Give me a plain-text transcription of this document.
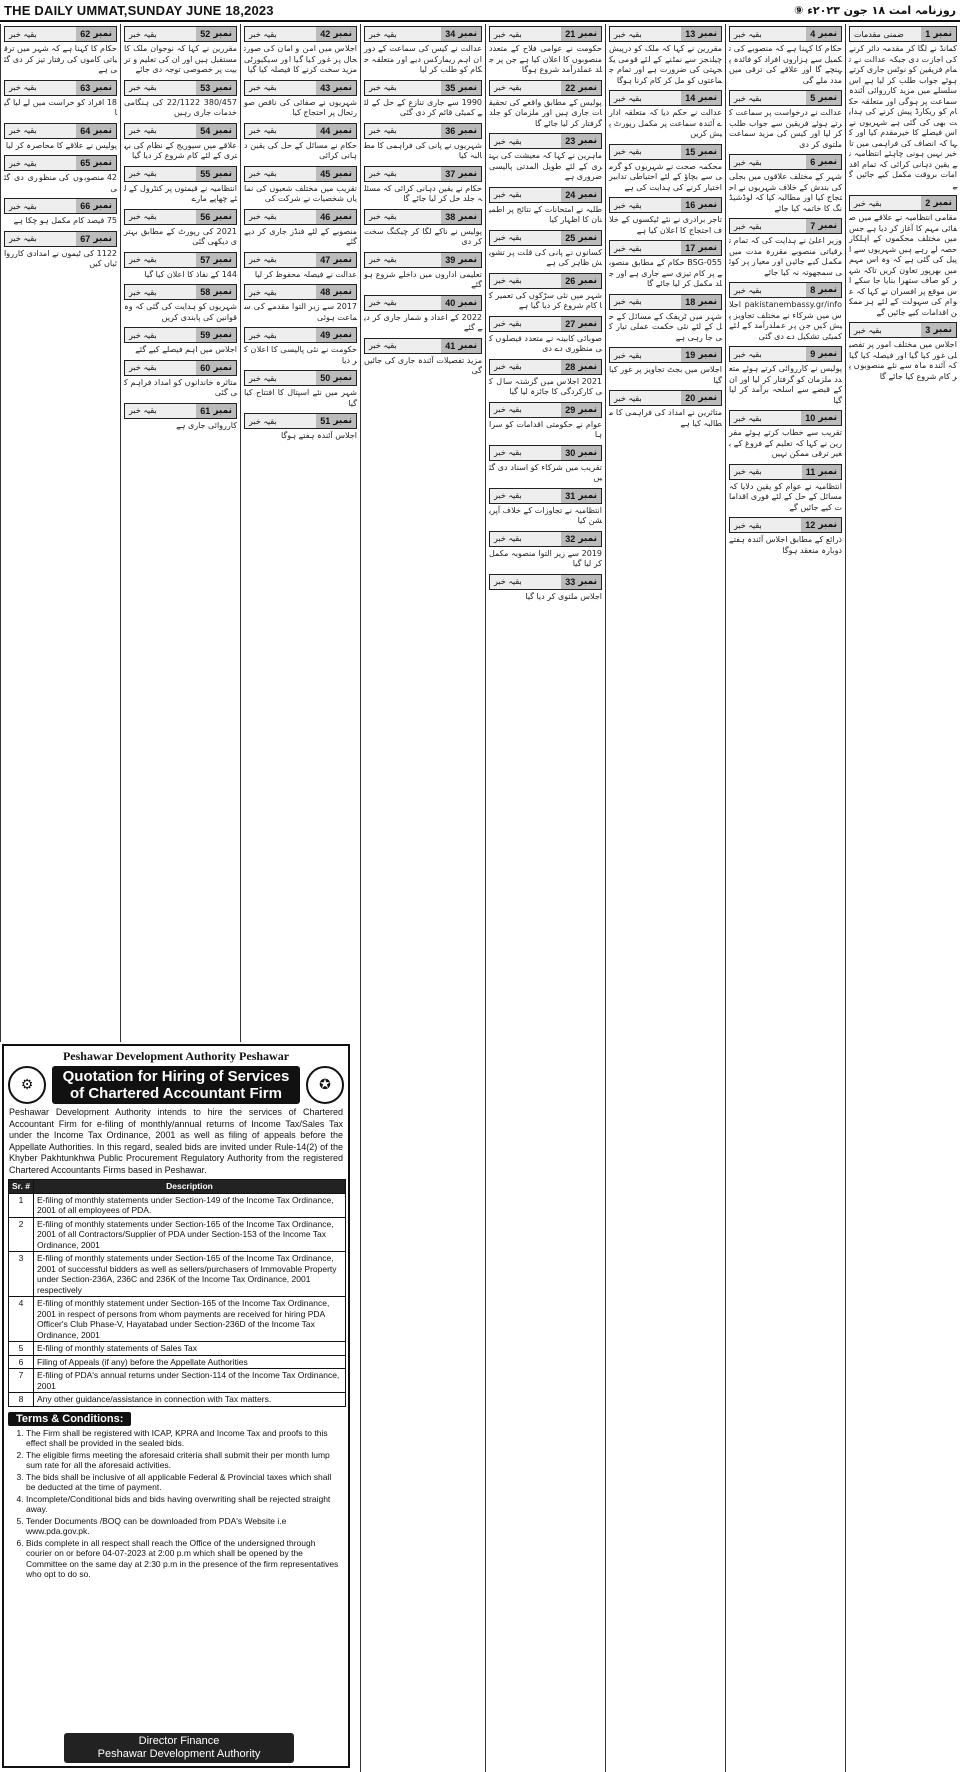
THE DAILY UMMAT,SUNDAY JUNE 18,2023	روزنامہ امت ۱۸ جون ۲۰۲۳ء ⑨
نمبر
1
ضمنی مقدمات
کمانڈ نے لگا کر مقدمہ دائر کرنے کی اجازت دی جبکہ عدالت نے تمام فریقین کو نوٹس جاری کرتے ہوئے جواب طلب کر لیا ہے اس سلسلے میں مزید کارروائی آئندہ سماعت پر ہوگی اور متعلقہ حکام کو ریکارڈ پیش کرنے کی ہدایت بھی کی گئی ہے شہریوں نے اس فیصلے کا خیرمقدم کیا اور کہا کہ انصاف کی فراہمی میں تاخیر نہیں ہونی چاہئے انتظامیہ نے یقین دہانی کرائی کہ تمام اقدامات بروقت مکمل کیے جائیں گے
نمبر
2
بقیہ خبر
مقامی انتظامیہ نے علاقے میں صفائی مہم کا آغاز کر دیا ہے جس میں مختلف محکموں کے اہلکار حصہ لے رہے ہیں شہریوں سے اپیل کی گئی ہے کہ وہ اس مہم میں بھرپور تعاون کریں تاکہ شہر کو صاف ستھرا بنایا جا سکے اس موقع پر افسران نے کہا کہ عوام کی سہولت کے لئے ہر ممکن اقدامات کیے جائیں گے
نمبر
3
بقیہ خبر
اجلاس میں مختلف امور پر تفصیلی غور کیا گیا اور فیصلہ کیا گیا کہ آئندہ ماہ سے نئے منصوبوں پر کام شروع کیا جائے گا
نمبر
4
بقیہ خبر
حکام کا کہنا ہے کہ منصوبے کی تکمیل سے ہزاروں افراد کو فائدہ پہنچے گا اور علاقے کی ترقی میں مدد ملے گی
نمبر
5
بقیہ خبر
عدالت نے درخواست پر سماعت کرتے ہوئے فریقین سے جواب طلب کر لیا اور کیس کی مزید سماعت ملتوی کر دی
نمبر
6
بقیہ خبر
شہر کے مختلف علاقوں میں بجلی کی بندش کے خلاف شہریوں نے احتجاج کیا اور مطالبہ کیا کہ لوڈشیڈنگ کا خاتمہ کیا جائے
نمبر
7
بقیہ خبر
وزیر اعلیٰ نے ہدایت کی کہ تمام ترقیاتی منصوبے مقررہ مدت میں مکمل کیے جائیں اور معیار پر کوئی سمجھوتہ نہ کیا جائے
نمبر
8
بقیہ خبر
pakistanembassy.gr/info اجلاس میں شرکاء نے مختلف تجاویز پیش کیں جن پر عملدرآمد کے لئے کمیٹی تشکیل دے دی گئی
نمبر
9
بقیہ خبر
پولیس نے کارروائی کرتے ہوئے متعدد ملزمان کو گرفتار کر لیا اور ان کے قبضے سے اسلحہ برآمد کر لیا گیا
نمبر
10
بقیہ خبر
تقریب سے خطاب کرتے ہوئے مقررین نے کہا کہ تعلیم کے فروغ کے بغیر ترقی ممکن نہیں
نمبر
11
بقیہ خبر
انتظامیہ نے عوام کو یقین دلایا کہ مسائل کے حل کے لئے فوری اقدامات کیے جائیں گے
نمبر
12
بقیہ خبر
ذرائع کے مطابق اجلاس آئندہ ہفتے دوبارہ منعقد ہوگا
نمبر
13
بقیہ خبر
مقررین نے کہا کہ ملک کو درپیش چیلنجز سے نمٹنے کے لئے قومی یکجہتی کی ضرورت ہے اور تمام جماعتوں کو مل کر کام کرنا ہوگا
نمبر
14
بقیہ خبر
عدالت نے حکم دیا کہ متعلقہ ادارے آئندہ سماعت پر مکمل رپورٹ پیش کریں
نمبر
15
بقیہ خبر
محکمہ صحت نے شہریوں کو گرمی سے بچاؤ کے لئے احتیاطی تدابیر اختیار کرنے کی ہدایت کی ہے
نمبر
16
بقیہ خبر
تاجر برادری نے نئے ٹیکسوں کے خلاف احتجاج کا اعلان کیا ہے
نمبر
17
بقیہ خبر
BSG-055 حکام کے مطابق منصوبے پر کام تیزی سے جاری ہے اور جلد مکمل کر لیا جائے گا
نمبر
18
بقیہ خبر
شہر میں ٹریفک کے مسائل کے حل کے لئے نئی حکمت عملی تیار کی جا رہی ہے
نمبر
19
بقیہ خبر
اجلاس میں بجٹ تجاویز پر غور کیا گیا
نمبر
20
بقیہ خبر
متاثرین نے امداد کی فراہمی کا مطالبہ کیا ہے
نمبر
21
بقیہ خبر
حکومت نے عوامی فلاح کے متعدد منصوبوں کا اعلان کیا ہے جن پر جلد عملدرآمد شروع ہوگا
نمبر
22
بقیہ خبر
پولیس کے مطابق واقعے کی تحقیقات جاری ہیں اور ملزمان کو جلد گرفتار کر لیا جائے گا
نمبر
23
بقیہ خبر
ماہرین نے کہا کہ معیشت کی بہتری کے لئے طویل المدتی پالیسی ضروری ہے
نمبر
24
بقیہ خبر
طلبہ نے امتحانات کے نتائج پر اطمینان کا اظہار کیا
نمبر
25
بقیہ خبر
کسانوں نے پانی کی قلت پر تشویش ظاہر کی ہے
نمبر
26
بقیہ خبر
شہر میں نئی سڑکوں کی تعمیر کا کام شروع کر دیا گیا ہے
نمبر
27
بقیہ خبر
صوبائی کابینہ نے متعدد فیصلوں کی منظوری دے دی
نمبر
28
بقیہ خبر
2021 اجلاس میں گزشتہ سال کی کارکردگی کا جائزہ لیا گیا
نمبر
29
بقیہ خبر
عوام نے حکومتی اقدامات کو سراہا
نمبر
30
بقیہ خبر
تقریب میں شرکاء کو اسناد دی گئیں
نمبر
31
بقیہ خبر
انتظامیہ نے تجاوزات کے خلاف آپریشن کیا
نمبر
32
بقیہ خبر
2019 سے زیر التوا منصوبہ مکمل کر لیا گیا
نمبر
33
بقیہ خبر
اجلاس ملتوی کر دیا گیا
نمبر
34
بقیہ خبر
عدالت نے کیس کی سماعت کے دوران اہم ریمارکس دیے اور متعلقہ حکام کو طلب کر لیا
نمبر
35
بقیہ خبر
1990 سے جاری تنازع کے حل کے لئے کمیٹی قائم کر دی گئی
نمبر
36
بقیہ خبر
شہریوں نے پانی کی فراہمی کا مطالبہ کیا
نمبر
37
بقیہ خبر
حکام نے یقین دہانی کرائی کہ مسئلہ جلد حل کر لیا جائے گا
نمبر
38
بقیہ خبر
پولیس نے ناکے لگا کر چیکنگ سخت کر دی
نمبر
39
بقیہ خبر
تعلیمی اداروں میں داخلے شروع ہو گئے
نمبر
40
بقیہ خبر
2022 کے اعداد و شمار جاری کر دیے گئے
نمبر
41
بقیہ خبر
مزید تفصیلات آئندہ جاری کی جائیں گی
نمبر
42
بقیہ خبر
اجلاس میں امن و امان کی صورتحال پر غور کیا گیا اور سیکیورٹی مزید سخت کرنے کا فیصلہ کیا گیا
نمبر
43
بقیہ خبر
شہریوں نے صفائی کی ناقص صورتحال پر احتجاج کیا
نمبر
44
بقیہ خبر
حکام نے مسائل کے حل کی یقین دہانی کرائی
نمبر
45
بقیہ خبر
تقریب میں مختلف شعبوں کی نمایاں شخصیات نے شرکت کی
نمبر
46
بقیہ خبر
منصوبے کے لئے فنڈز جاری کر دیے گئے
نمبر
47
بقیہ خبر
عدالت نے فیصلہ محفوظ کر لیا
نمبر
48
بقیہ خبر
2017 سے زیر التوا مقدمے کی سماعت ہوئی
نمبر
49
بقیہ خبر
حکومت نے نئی پالیسی کا اعلان کر دیا
نمبر
50
بقیہ خبر
شہر میں نئے اسپتال کا افتتاح کیا گیا
نمبر
51
بقیہ خبر
اجلاس آئندہ ہفتے ہوگا
نمبر
52
بقیہ خبر
مقررین نے کہا کہ نوجوان ملک کا مستقبل ہیں اور ان کی تعلیم و تربیت پر خصوصی توجہ دی جائے
نمبر
53
بقیہ خبر
380/457 22/1122 کی ہنگامی خدمات جاری رہیں
نمبر
54
بقیہ خبر
علاقے میں سیوریج کے نظام کی بہتری کے لئے کام شروع کر دیا گیا
نمبر
55
بقیہ خبر
انتظامیہ نے قیمتوں پر کنٹرول کے لئے چھاپے مارے
نمبر
56
بقیہ خبر
2021 کی رپورٹ کے مطابق بہتری دیکھی گئی
نمبر
57
بقیہ خبر
144 کے نفاذ کا اعلان کیا گیا
نمبر
58
بقیہ خبر
شہریوں کو ہدایت کی گئی کہ وہ قوانین کی پابندی کریں
نمبر
59
بقیہ خبر
اجلاس میں اہم فیصلے کیے گئے
نمبر
60
بقیہ خبر
متاثرہ خاندانوں کو امداد فراہم کی گئی
نمبر
61
بقیہ خبر
کارروائی جاری ہے
نمبر
62
بقیہ خبر
حکام کا کہنا ہے کہ شہر میں ترقیاتی کاموں کی رفتار تیز کر دی گئی ہے
نمبر
63
بقیہ خبر
18 افراد کو حراست میں لے لیا گیا
نمبر
64
بقیہ خبر
پولیس نے علاقے کا محاصرہ کر لیا
نمبر
65
بقیہ خبر
42 منصوبوں کی منظوری دی گئی
نمبر
66
بقیہ خبر
75 فیصد کام مکمل ہو چکا ہے
نمبر
67
بقیہ خبر
1122 کی ٹیموں نے امدادی کارروائیاں کیں
Peshawar Development Authority Peshawar
⚙	Quotation for Hiring of Services
of Chartered Accountant Firm	✪
Peshawar Development Authority intends to hire the services of Chartered Accountant Firm for e-filing of monthly/annual returns of Income Tax/Sales Tax under the Income Tax Ordinance, 2001 as well as filing of appeals before the Appellate Authorities. In this regard, sealed bids are invited under Rule-14(2) of the Khyber Pakhtunkhwa Public Procurement Regulatory Authority from the registered Chartered Accountants Firms based in Peshawar.
Sr. #	Description
1	E-filing of monthly statements under Section-149 of the Income Tax Ordinance, 2001 of all employees of PDA.
2	E-filing of monthly statements under Section-165 of the Income Tax Ordinance, 2001 of all Contractors/Supplier of PDA under Section-153 of the Income Tax Ordinance, 2001
3	E-filing of monthly statements under Section-165 of the Income Tax Ordinance, 2001 of successful bidders as well as sellers/purchasers of Immovable Property under Section-236A, 236C and 236K of the Income Tax Ordinance, 2001 respectively
4	E-filing of monthly statement under Section-165 of the Income Tax Ordinance, 2001 in respect of persons from whom payments are received for hiring PDA Officer's Club Phase-V, Hayatabad under Section-236D of the Income Tax Ordinance, 2001
5	E-filing of monthly statements of Sales Tax
6	Filing of Appeals (if any) before the Appellate Authorities
7	E-filing of PDA's annual returns under Section-114 of the Income Tax Ordinance, 2001
8	Any other guidance/assistance in connection with Tax matters.
Terms & Conditions:
1. The Firm shall be registered with ICAP, KPRA and Income Tax and proofs to this effect shall be provided in the sealed bids.
2. The eligible firms meeting the aforesaid criteria shall submit their per month lump sum rate for all the aforesaid activities.
3. The bids shall be inclusive of all applicable Federal & Provincial taxes which shall be deducted at the time of payment.
4. Incomplete/Conditional bids and bids having overwriting shall be rejected straight away.
5. Tender Documents /BOQ can be downloaded from PDA's Website i.e www.pda.gov.pk.
6. Bids complete in all respect shall reach the Office of the undersigned through courier on or before 04-07-2023 at 2:00 p.m which shall be opened by the Committee on the same day at 2:30 p.m in the presence of the firm representatives who opt to do so.
Director Finance
Peshawar Development Authority
